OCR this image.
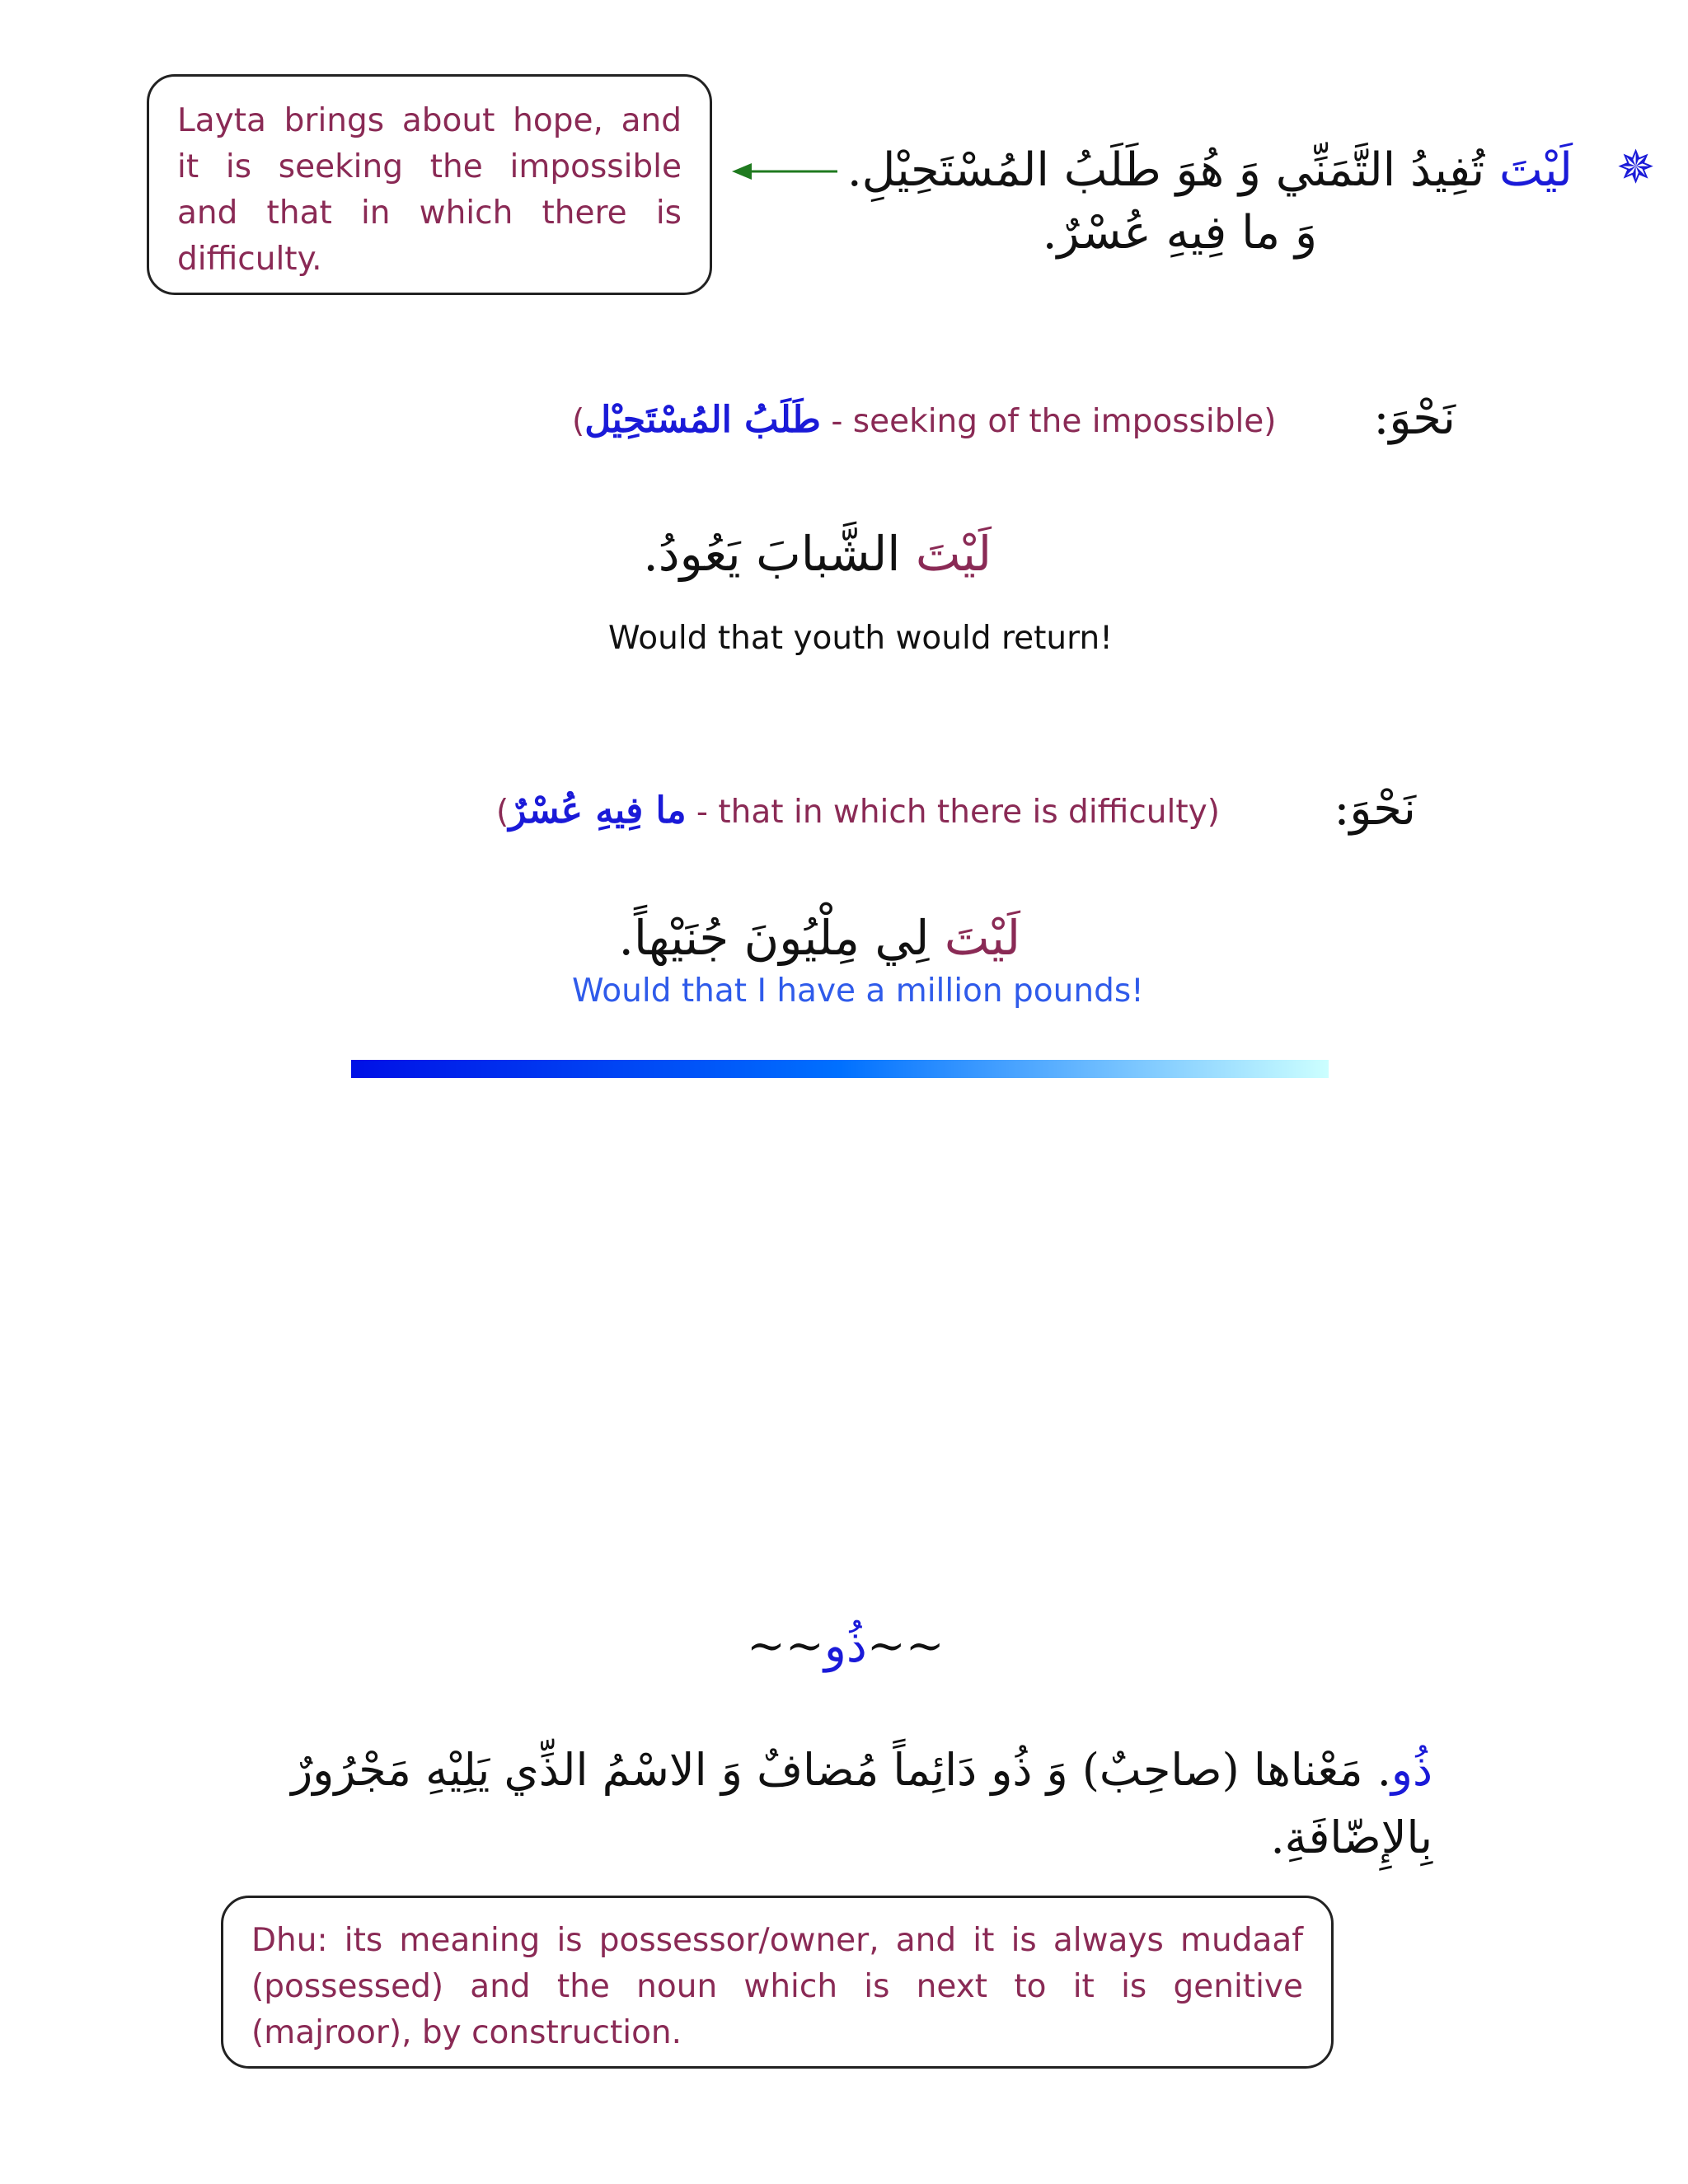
Layta brings about hope, and it is seeking the impossible and that in which there is difficulty.

✵
لَيْتَ تُفِيدُ التَّمَنِّي وَ هُوَ طَلَبُ المُسْتَحِيْلِ.
وَ ما فِيهِ عُسْرٌ.
نَحْوَ:
(طَلَبُ المُسْتَحِيْل - seeking of the impossible)
لَيْتَ الشَّبابَ يَعُودُ.
Would that youth would return!
نَحْوَ:
(ما فِيهِ عُسْرٌ - that in which there is difficulty)
لَيْتَ لِي مِلْيُونَ جُنَيْهاً.
Would that I have a million pounds!
~~ذُو~~
ذُو. مَعْناها (صاحِبٌ) وَ ذُو دَائِماً مُضافٌ وَ الاسْمُ الذِّي يَلِيْهِ مَجْرُورٌ
بِالإِضّافَةِ.

Dhu: its meaning is possessor/owner, and it is always mudaaf (possessed) and the noun which is next to it is genitive (majroor), by construction.
